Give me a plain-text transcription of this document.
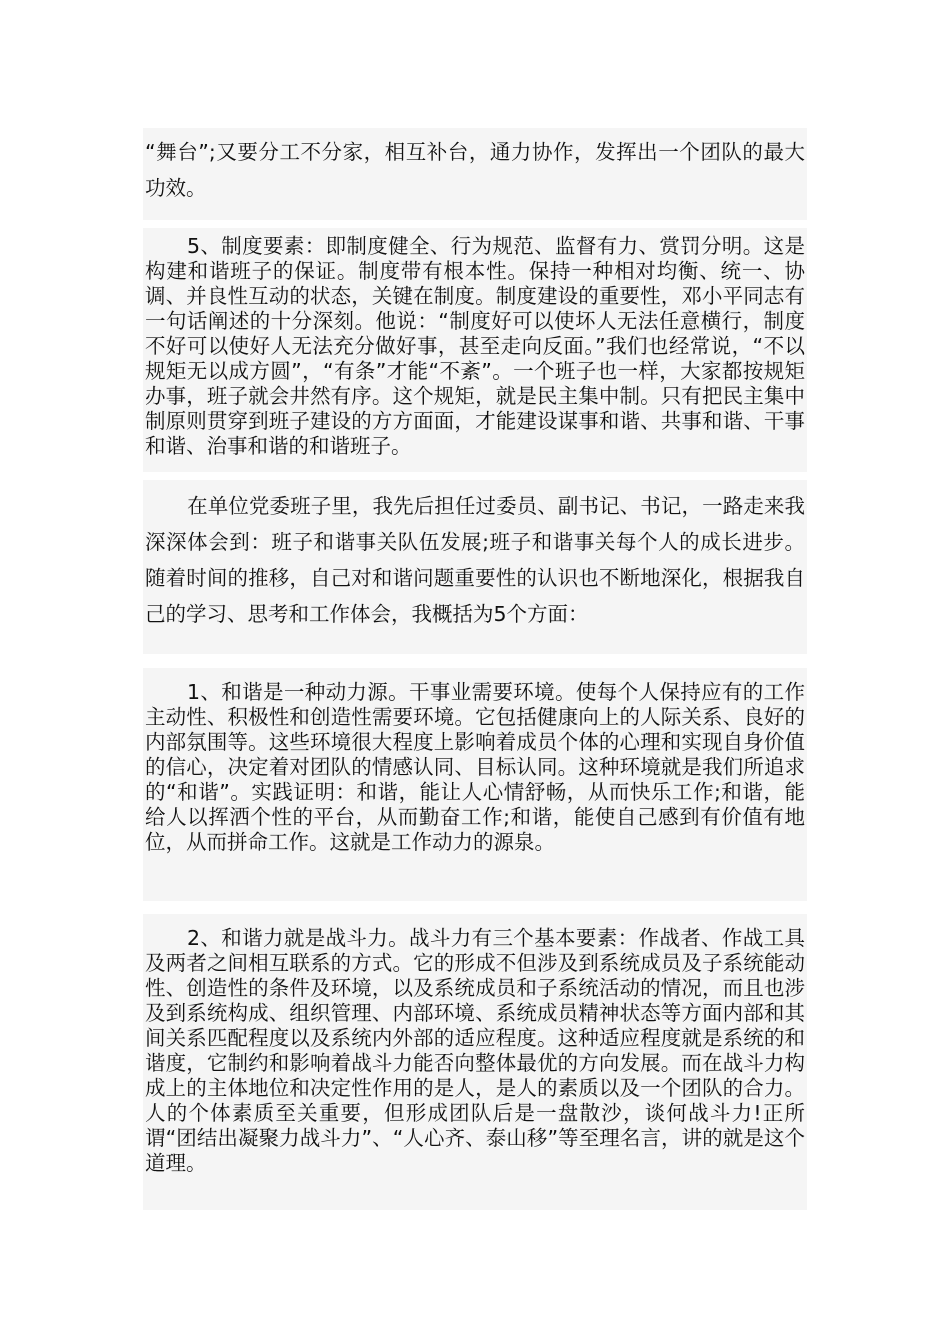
“舞台”;又要分工不分家，相互补台，通力协作，发挥出一个团队的最大功效。

5、制度要素：即制度健全、行为规范、监督有力、赏罚分明。这是构建和谐班子的保证。制度带有根本性。保持一种相对均衡、统一、协调、并良性互动的状态，关键在制度。制度建设的重要性，邓小平同志有一句话阐述的十分深刻。他说：“制度好可以使坏人无法任意横行，制度不好可以使好人无法充分做好事，甚至走向反面。”我们也经常说，“不以规矩无以成方圆”，“有条”才能“不紊”。一个班子也一样，大家都按规矩办事，班子就会井然有序。这个规矩，就是民主集中制。只有把民主集中制原则贯穿到班子建设的方方面面，才能建设谋事和谐、共事和谐、干事和谐、治事和谐的和谐班子。

在单位党委班子里，我先后担任过委员、副书记、书记，一路走来我深深体会到：班子和谐事关队伍发展;班子和谐事关每个人的成长进步。随着时间的推移，自己对和谐问题重要性的认识也不断地深化，根据我自己的学习、思考和工作体会，我概括为5个方面：

1、和谐是一种动力源。干事业需要环境。使每个人保持应有的工作主动性、积极性和创造性需要环境。它包括健康向上的人际关系、良好的内部氛围等。这些环境很大程度上影响着成员个体的心理和实现自身价值的信心，决定着对团队的情感认同、目标认同。这种环境就是我们所追求的“和谐”。实践证明：和谐，能让人心情舒畅，从而快乐工作;和谐，能给人以挥洒个性的平台，从而勤奋工作;和谐，能使自己感到有价值有地位，从而拼命工作。这就是工作动力的源泉。

2、和谐力就是战斗力。战斗力有三个基本要素：作战者、作战工具及两者之间相互联系的方式。它的形成不但涉及到系统成员及子系统能动性、创造性的条件及环境，以及系统成员和子系统活动的情况，而且也涉及到系统构成、组织管理、内部环境、系统成员精神状态等方面内部和其间关系匹配程度以及系统内外部的适应程度。这种适应程度就是系统的和谐度，它制约和影响着战斗力能否向整体最优的方向发展。而在战斗力构成上的主体地位和决定性作用的是人，是人的素质以及一个团队的合力。人的个体素质至关重要，但形成团队后是一盘散沙，谈何战斗力!正所谓“团结出凝聚力战斗力”、“人心齐、泰山移”等至理名言，讲的就是这个道理。
